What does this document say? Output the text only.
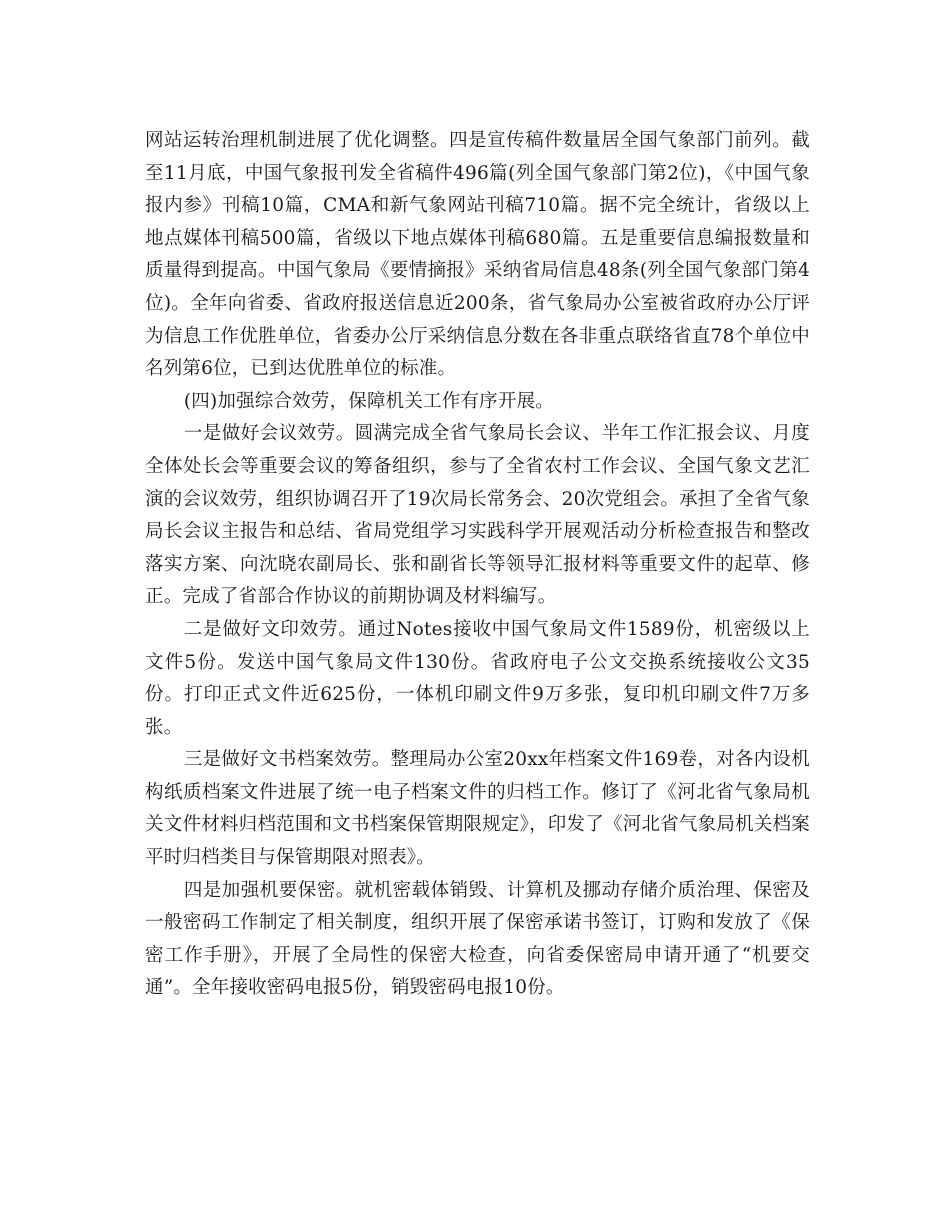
网站运转治理机制进展了优化调整。四是宣传稿件数量居全国气象部门前列。截至11月底，中国气象报刊发全省稿件496篇(列全国气象部门第2位)，《中国气象报内参》刊稿10篇，CMA和新气象网站刊稿710篇。据不完全统计，省级以上地点媒体刊稿500篇，省级以下地点媒体刊稿680篇。五是重要信息编报数量和质量得到提高。中国气象局《要情摘报》采纳省局信息48条(列全国气象部门第4位)。全年向省委、省政府报送信息近200条，省气象局办公室被省政府办公厅评为信息工作优胜单位，省委办公厅采纳信息分数在各非重点联络省直78个单位中名列第6位，已到达优胜单位的标准。

(四)加强综合效劳，保障机关工作有序开展。

一是做好会议效劳。圆满完成全省气象局长会议、半年工作汇报会议、月度全体处长会等重要会议的筹备组织，参与了全省农村工作会议、全国气象文艺汇演的会议效劳，组织协调召开了19次局长常务会、20次党组会。承担了全省气象局长会议主报告和总结、省局党组学习实践科学开展观活动分析检查报告和整改落实方案、向沈晓农副局长、张和副省长等领导汇报材料等重要文件的起草、修正。完成了省部合作协议的前期协调及材料编写。

二是做好文印效劳。通过Notes接收中国气象局文件1589份，机密级以上文件5份。发送中国气象局文件130份。省政府电子公文交换系统接收公文35份。打印正式文件近625份，一体机印刷文件9万多张，复印机印刷文件7万多张。

三是做好文书档案效劳。整理局办公室20xx年档案文件169卷，对各内设机构纸质档案文件进展了统一电子档案文件的归档工作。修订了《河北省气象局机关文件材料归档范围和文书档案保管期限规定》，印发了《河北省气象局机关档案平时归档类目与保管期限对照表》。

四是加强机要保密。就机密载体销毁、计算机及挪动存储介质治理、保密及一般密码工作制定了相关制度，组织开展了保密承诺书签订，订购和发放了《保密工作手册》，开展了全局性的保密大检查，向省委保密局申请开通了“机要交通”。全年接收密码电报5份，销毁密码电报10份。
